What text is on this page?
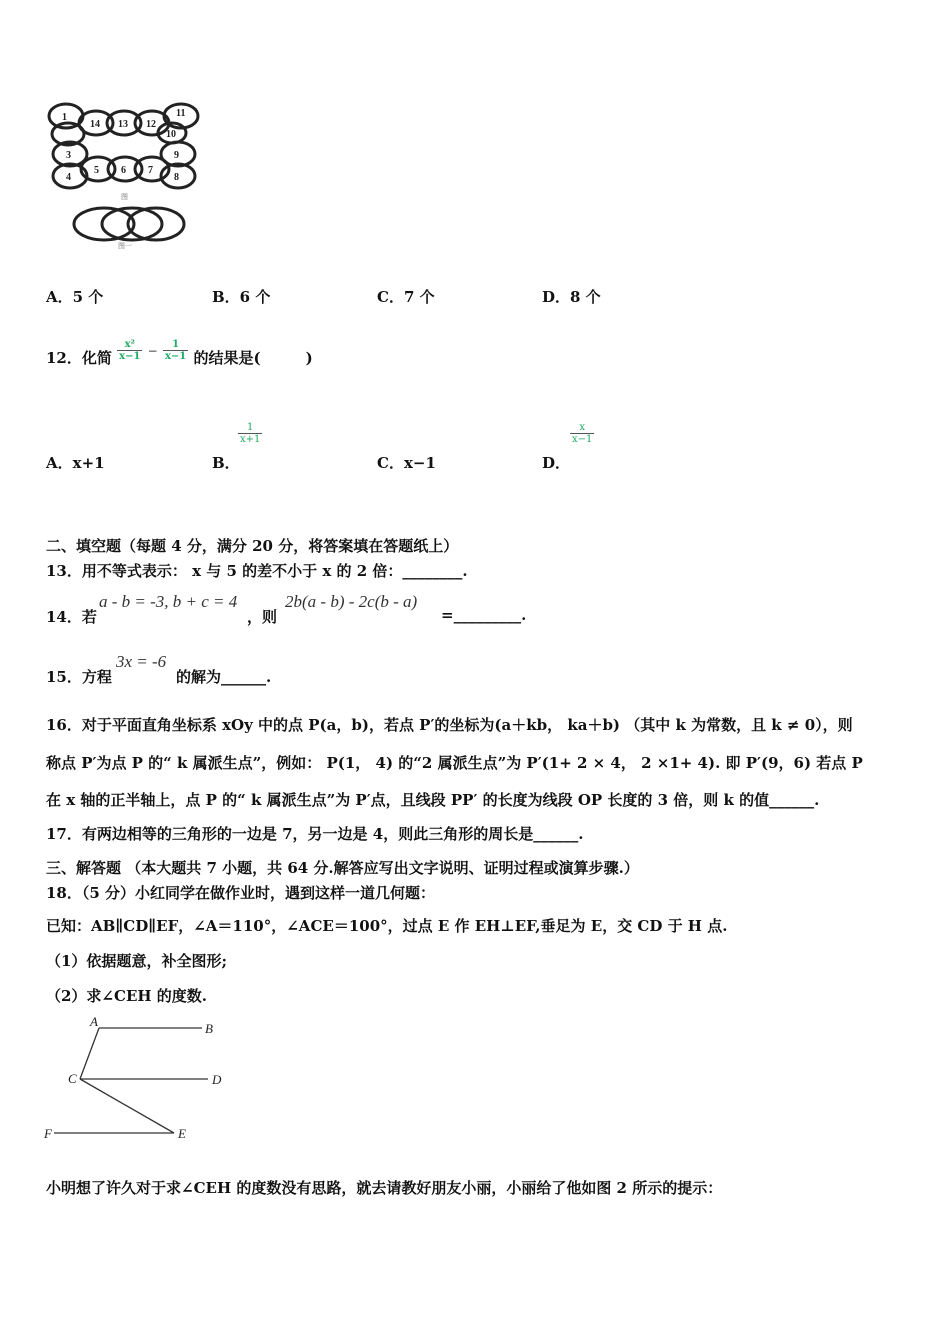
1
14 13 12
11
10
3	9
4
5 6 7
8
图
图一
A．5 个	B．6 个	C．7 个	D．8 个
12．化简 $\frac{\text{x²}}{x-1} ^- \frac{1}{x-1}$ 的结果是(　　　)
A．x+1	B．
$\frac{1}{x+1}$
C．x−1	D．
$\frac{x}{x-1}$
二、填空题（每题 4 分，满分 20 分，将答案填在答题纸上）
13．用不等式表示： x 与 5 的差不小于 x 的 2 倍：________.
14．若
a - b = -3, b + c = 4
，则
2b(a - b) - 2c(b - a)
=_________.
15．方程
3x = -6
的解为______.
16．对于平面直角坐标系 xOy 中的点 P(a，b)，若点 P′的坐标为(a＋kb， ka＋b) （其中 k 为常数，且 k ≠ 0），则
称点 P′为点 P 的“ k 属派生点”，例如： P(1， 4) 的“2 属派生点”为 P′(1+ 2 × 4， 2 ×1+ 4). 即 P′(9，6) 若点 P
在 x 轴的正半轴上，点 P 的“ k 属派生点”为 P′点，且线段 PP′ 的长度为线段 OP 长度的 3 倍，则 k 的值______.
17．有两边相等的三角形的一边是 7，另一边是 4，则此三角形的周长是______.
三、解答题 （本大题共 7 小题，共 64 分.解答应写出文字说明、证明过程或演算步骤.）
18．（5 分）小红同学在做作业时，遇到这样一道几何题：
已知：AB∥CD∥EF，∠A＝110°，∠ACE＝100°，过点 E 作 EH⊥EF,垂足为 E，交 CD 于 H 点.
（1）依据题意，补全图形;
（2）求∠CEH 的度数.
A	B
C	D
E
F
小明想了许久对于求∠CEH 的度数没有思路，就去请教好朋友小丽，小丽给了他如图 2 所示的提示：
